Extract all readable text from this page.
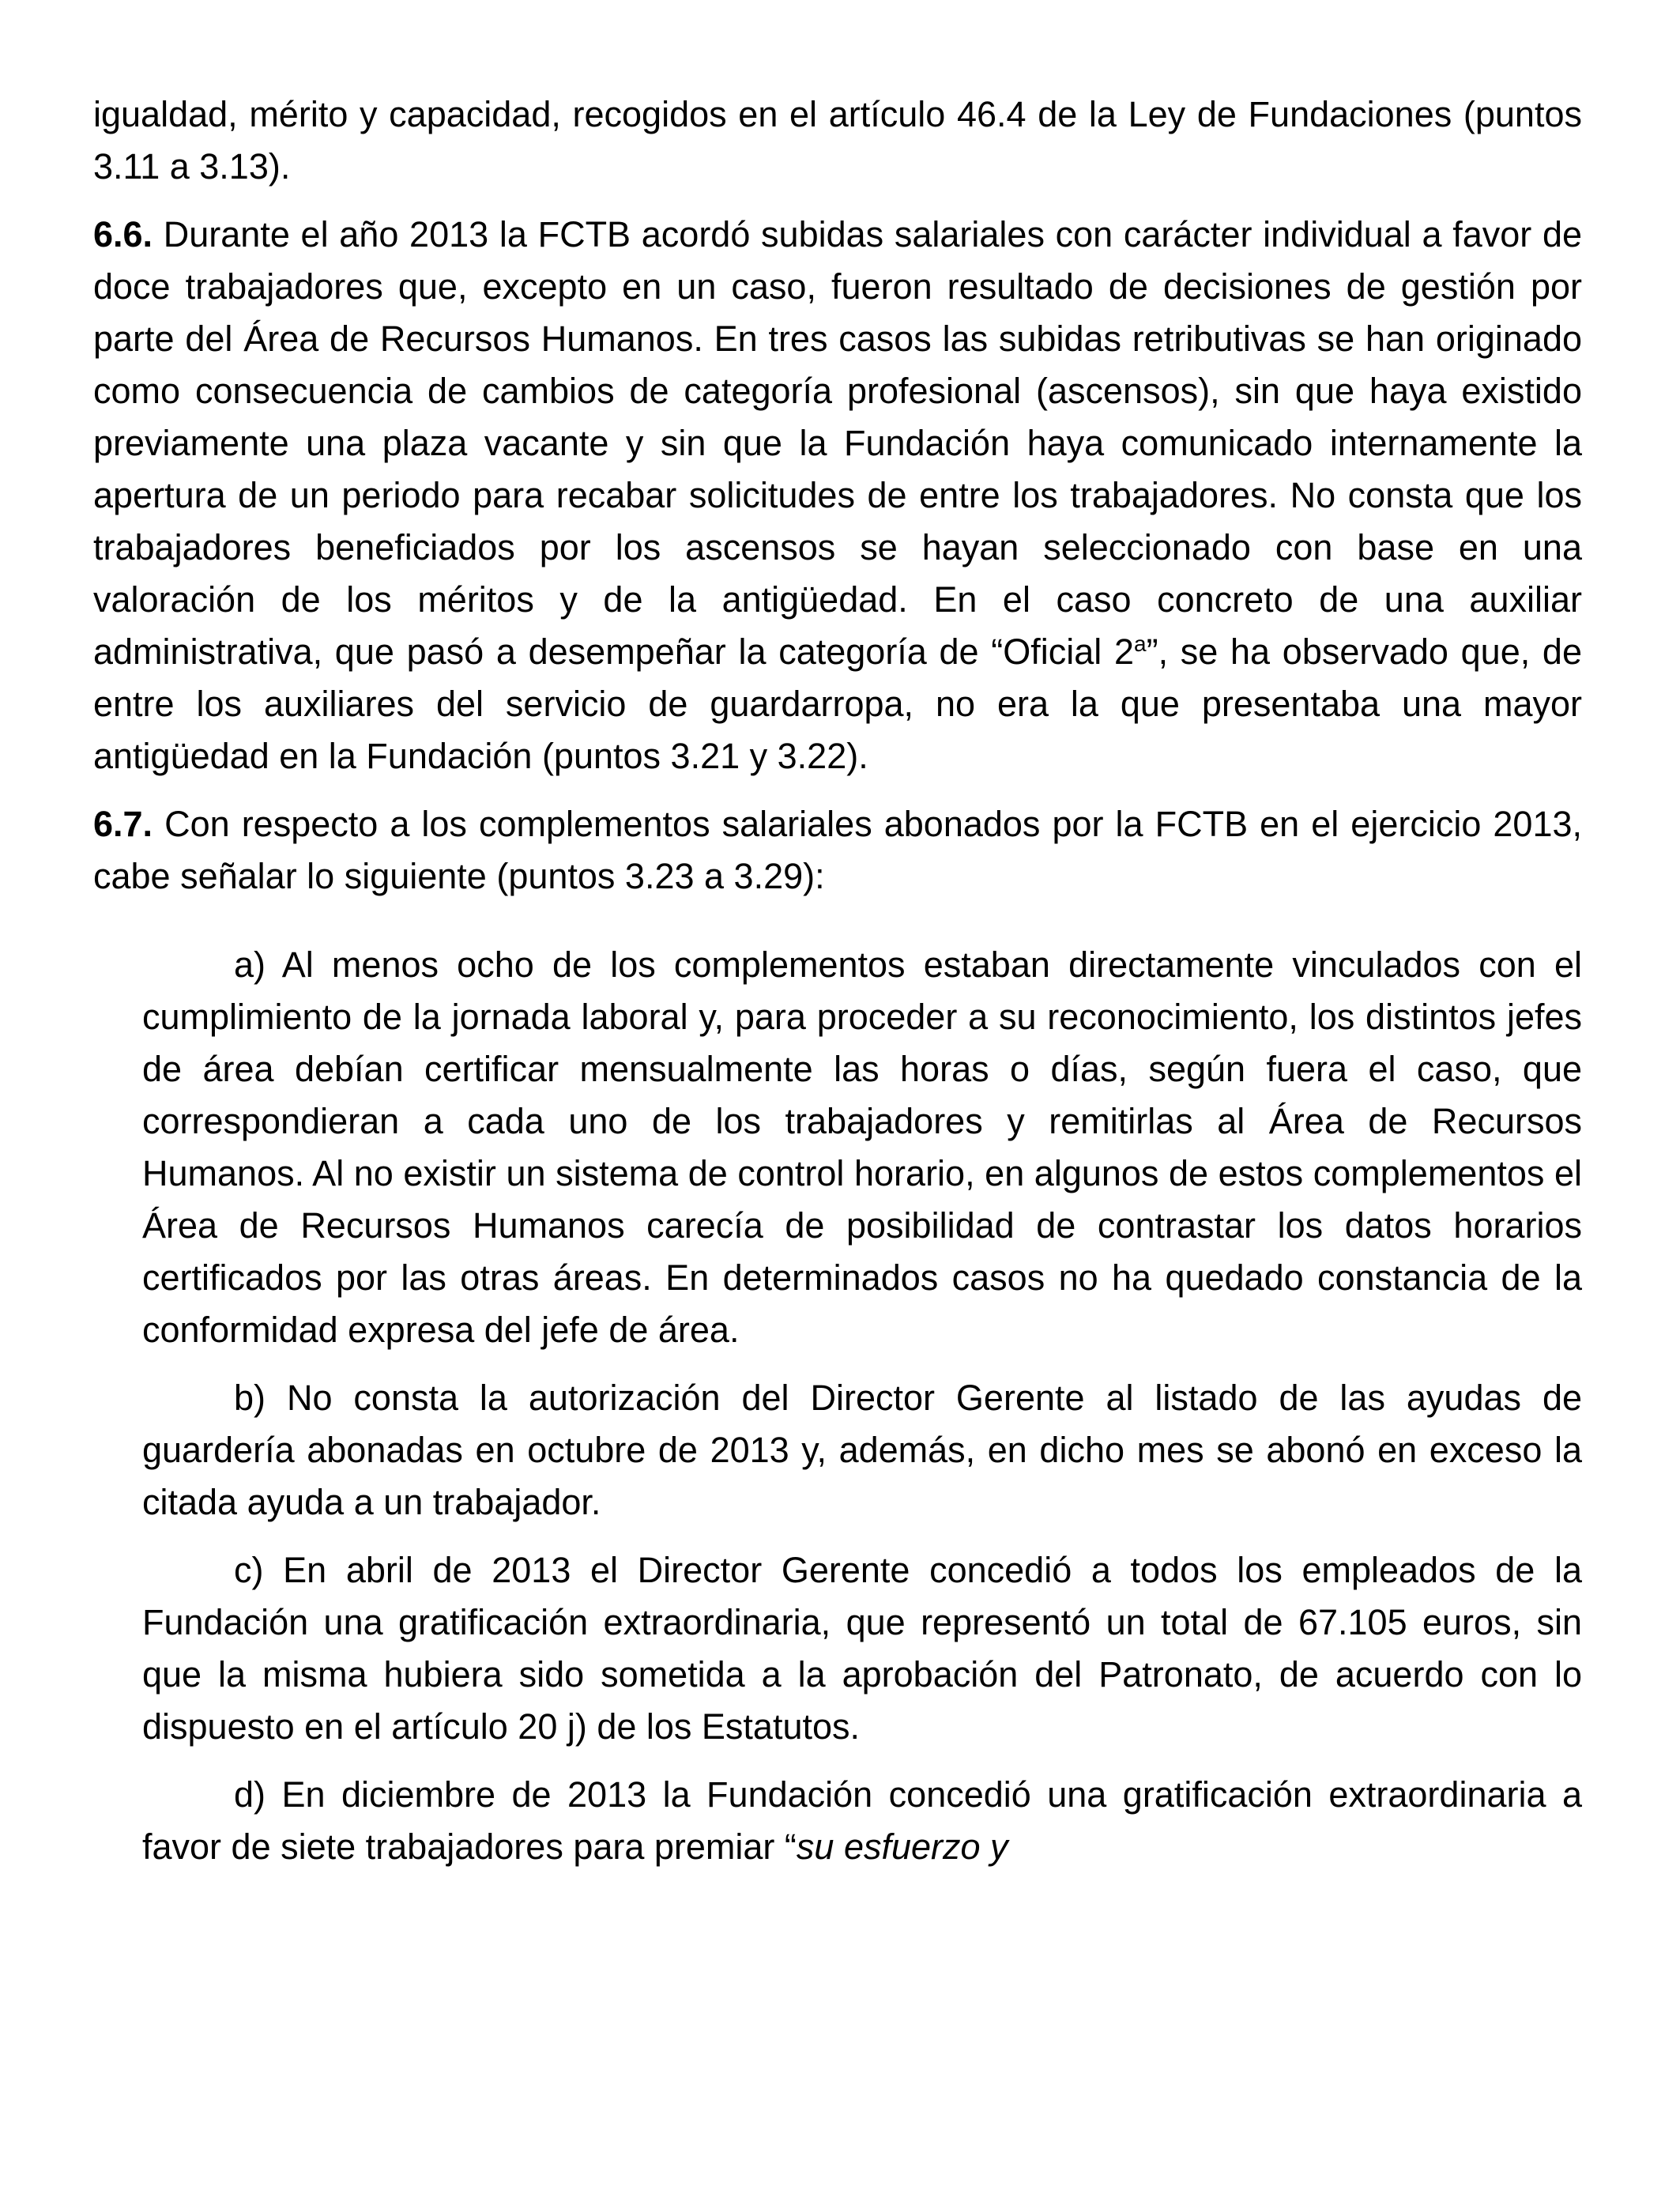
igualdad, mérito y capacidad, recogidos en el artículo 46.4 de la Ley de Fundaciones (puntos 3.11 a 3.13).

6.6. Durante el año 2013 la FCTB acordó subidas salariales con carácter individual a favor de doce trabajadores que, excepto en un caso, fueron resultado de decisiones de gestión por parte del Área de Recursos Humanos. En tres casos las subidas retributivas se han originado como consecuencia de cambios de categoría profesional (ascensos), sin que haya existido previamente una plaza vacante y sin que la Fundación haya comunicado internamente la apertura de un periodo para recabar solicitudes de entre los trabajadores. No consta que los trabajadores beneficiados por los ascensos se hayan seleccionado con base en una valoración de los méritos y de la antigüedad. En el caso concreto de una auxiliar administrativa, que pasó a desempeñar la categoría de “Oficial 2$^a$”, se ha observado que, de entre los auxiliares del servicio de guardarropa, no era la que presentaba una mayor antigüedad en la Fundación (puntos 3.21 y 3.22).

6.7. Con respecto a los complementos salariales abonados por la FCTB en el ejercicio 2013, cabe señalar lo siguiente (puntos 3.23 a 3.29):

a) Al menos ocho de los complementos estaban directamente vinculados con el cumplimiento de la jornada laboral y, para proceder a su reconocimiento, los distintos jefes de área debían certificar mensualmente las horas o días, según fuera el caso, que correspondieran a cada uno de los trabajadores y remitirlas al Área de Recursos Humanos. Al no existir un sistema de control horario, en algunos de estos complementos el Área de Recursos Humanos carecía de posibilidad de contrastar los datos horarios certificados por las otras áreas. En determinados casos no ha quedado constancia de la conformidad expresa del jefe de área.

b) No consta la autorización del Director Gerente al listado de las ayudas de guardería abonadas en octubre de 2013 y, además, en dicho mes se abonó en exceso la citada ayuda a un trabajador.

c) En abril de 2013 el Director Gerente concedió a todos los empleados de la Fundación una gratificación extraordinaria, que representó un total de 67.105 euros, sin que la misma hubiera sido sometida a la aprobación del Patronato, de acuerdo con lo dispuesto en el artículo 20 j) de los Estatutos.

d) En diciembre de 2013 la Fundación concedió una gratificación extraordinaria a favor de siete trabajadores para premiar “su esfuerzo y
